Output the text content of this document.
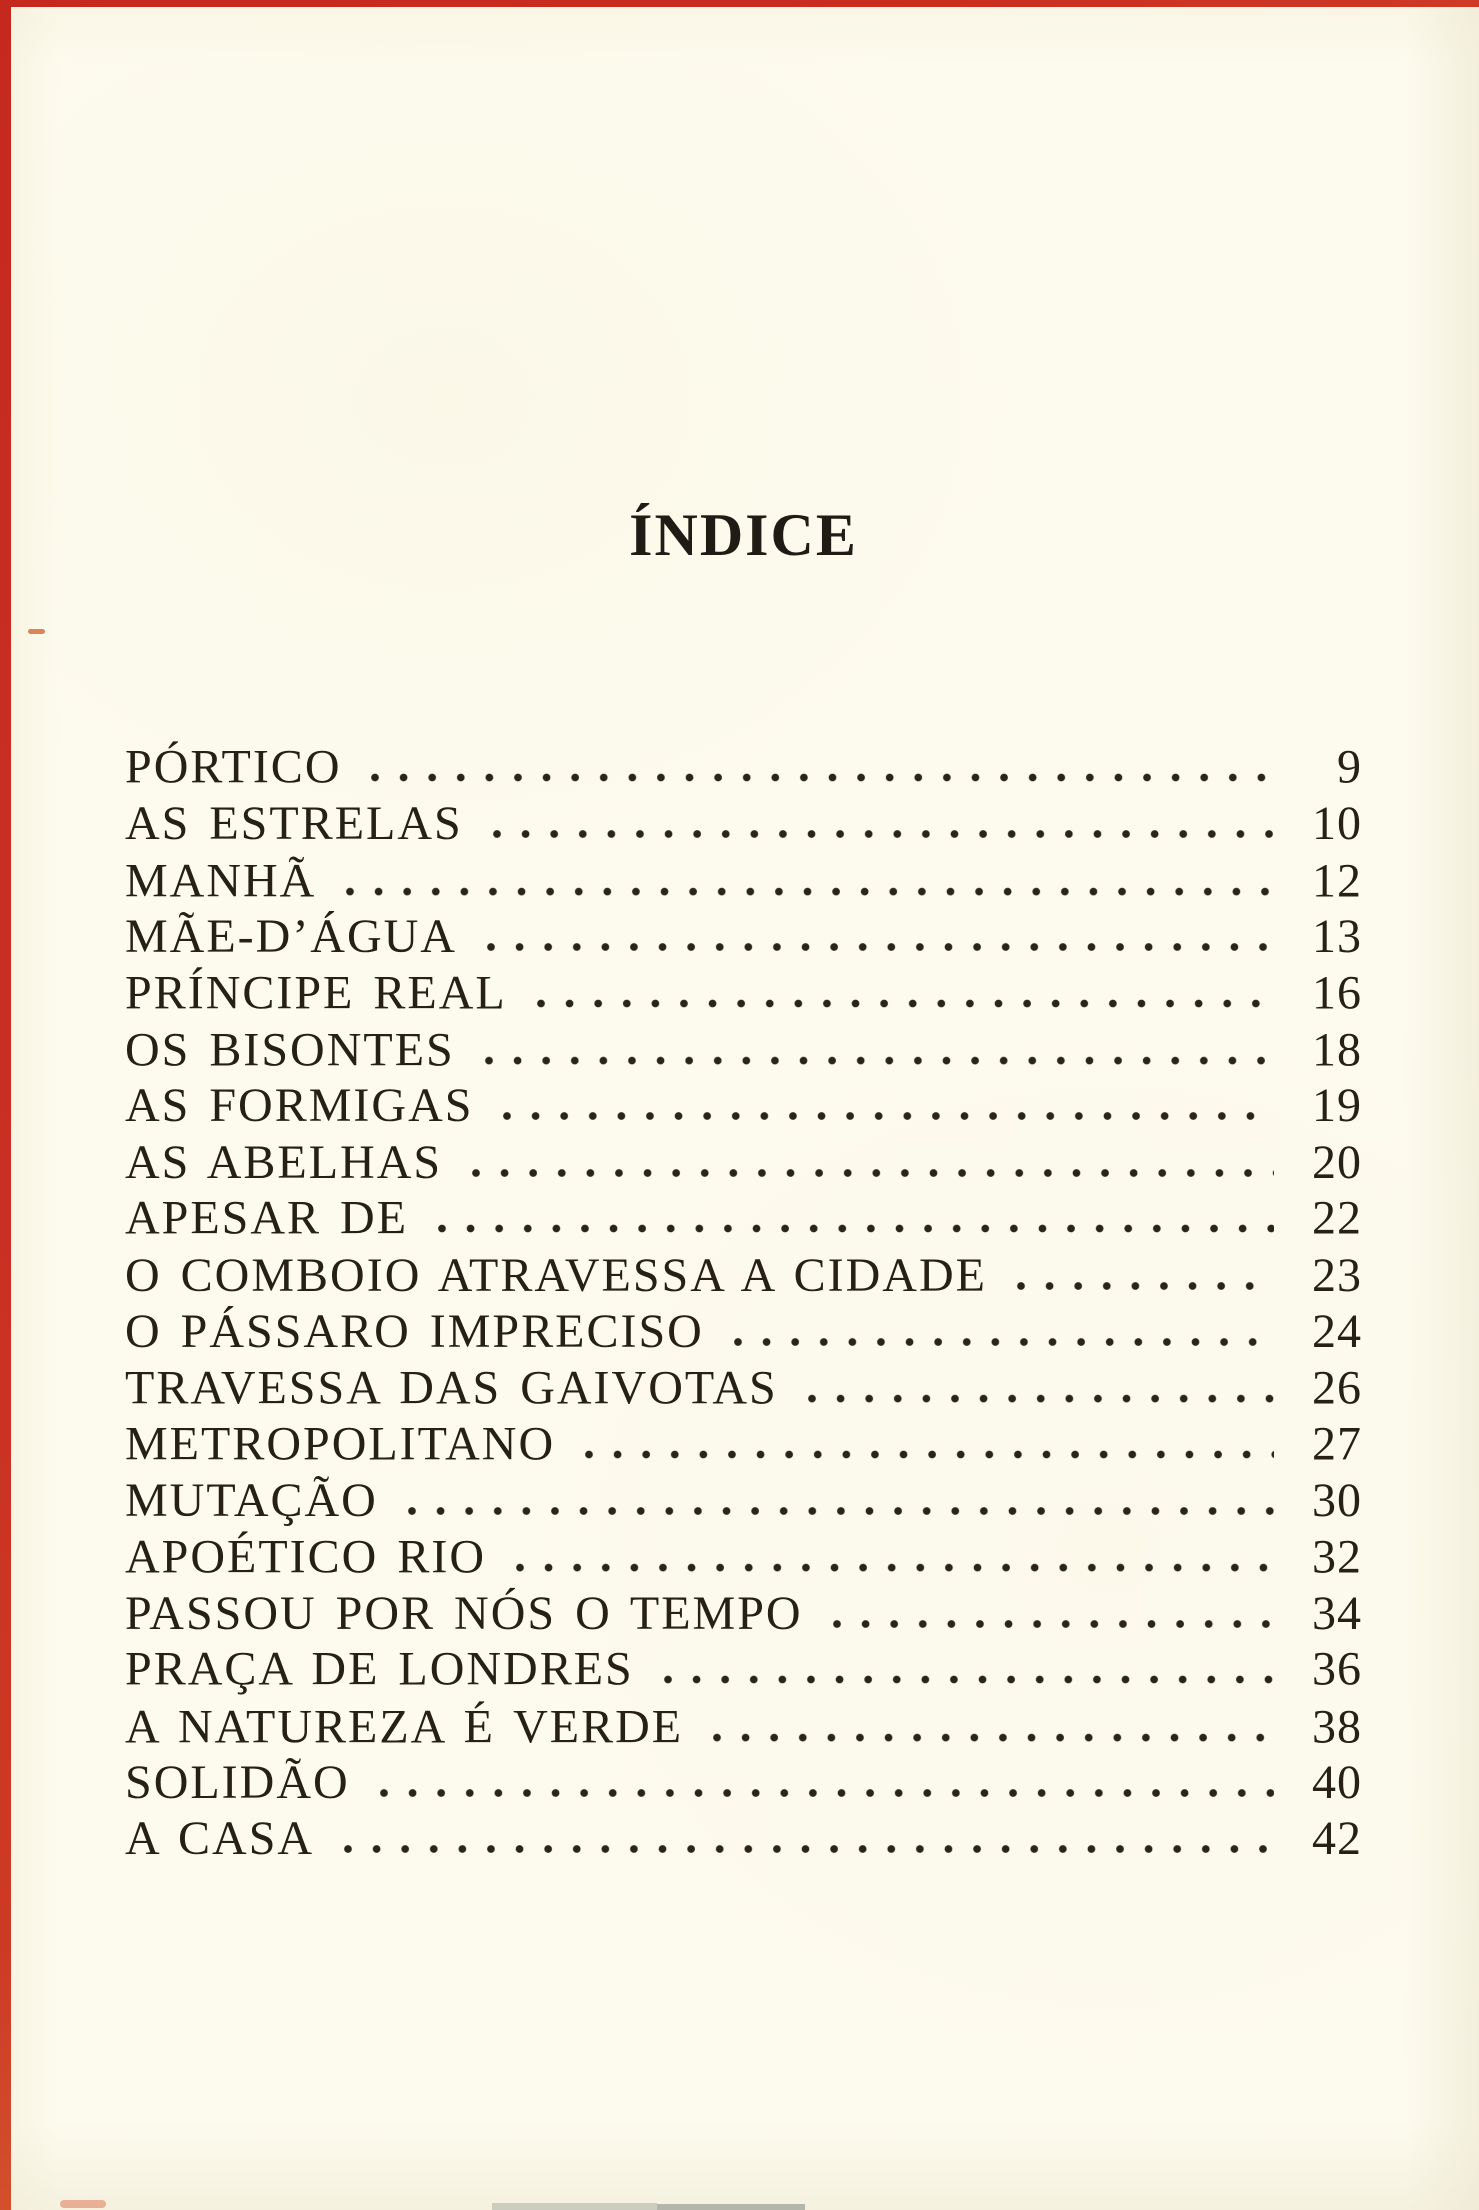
ÍNDICE
PÓRTICO	9
AS ESTRELAS	10
MANHÃ	12
MÃE-D’ÁGUA	13
PRÍNCIPE REAL	16
OS BISONTES	18
AS FORMIGAS	19
AS ABELHAS	20
APESAR DE	22
O COMBOIO ATRAVESSA A CIDADE	23
O PÁSSARO IMPRECISO	24
TRAVESSA DAS GAIVOTAS	26
METROPOLITANO	27
MUTAÇÃO	30
APOÉTICO RIO	32
PASSOU POR NÓS O TEMPO	34
PRAÇA DE LONDRES	36
A NATUREZA É VERDE	38
SOLIDÃO	40
A CASA	42
